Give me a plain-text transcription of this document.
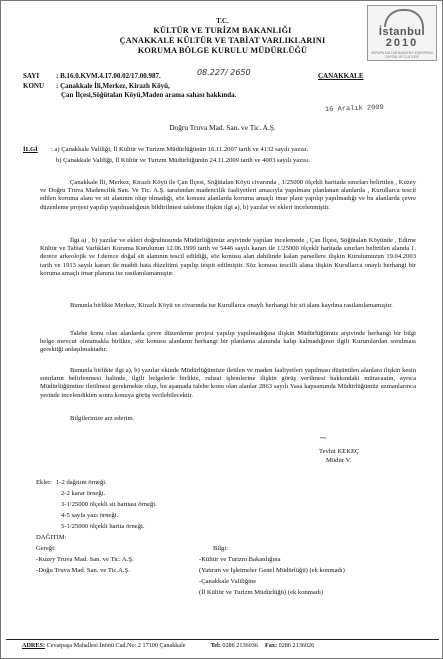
T.C.
KÜLTÜR VE TURİZM BAKANLIĞI
ÇANAKKALE KÜLTÜR VE TABİAT VARLIKLARINI
KORUMA BÖLGE KURULU MÜDÜRLÜĞÜ
İstanbul
2010
AVRUPA KÜLTÜR BAŞKENTİ EUROPEAN CAPITAL OF CULTURE
SAYI : B.16.0.KVM.4.17.00.02/17.00.987.	08.227/ 2650	ÇANAKKALE
KONU : Çanakkale İli,Merkez, Kirazlı Köyü,
Çan İlçesi,Söğütalan Köyü,Maden arama sahası hakkında.
16 Aralık 2009
Doğru Truva Mad. San. ve Tic. A.Ş.
İLGİ : a) Çanakkale Valiliği, İl Kültür ve Turizm Müdürlüğünün 16.11.2007 tarih ve 4132 sayılı yazısı.
b) Çanakkale Valiliği, İl Kültür ve Turizm Müdürlüğünün 24.11.2009 tarih ve 4003 sayılı yazısı.

Çanakkale İli, Merkez, Kirazlı Köyü ile Çan İlçesi, Söğütalan Köyü civarında , 1/25000 ölçekli haritada sınırları belirtilen , Kuzey ve Doğru Truva Madencilik San. Ve Tic. A.Ş. tarafından madencilik faaliyetleri amacıyla yapılması planlanan alanlarda , Kurullarca tescil edilen koruma alanı ve sit alanının olup olmadığı, söz konusu alanlarda koruma amaçlı imar plani yapılıp yapılmadığı ve bu alanlarda çevre düzenleme projesi yapılıp yapılmadığının bildirilmesi talebine ilişkin ilgi a), b) yazılar ve ekleri incelenmiştir.

İlgi a) , b) yazılar ve ekleri doğrultusunda Müdürlüğümüz arşivinde yapılan incelemede , Çan İlçesi, Söğütalan Köyünde , Edirne Kültür ve Tabiat Varlıkları Koruma Kurulunun 12.06.1999 tarih ve 5446 sayılı kararı ile 1/25000 ölçekli haritada sınırları belirtilen alanda 1. derece arkeolojik ve I.derece doğal sit alanının tescil edildiği, söz konusu alan dahilinde kalan parsellere ilişkin Kurulumuzun 19.04.2003 tarih ve 1913 sayılı kararı ile maddi hata düzeltimi yapılıp tespit edilmiştir. Söz konusu tescilli alana ilişkin Kurullarca onaylı herhangi bir koruma amaçlı imar planına ise rastlanılamamıştır.

Bununla birlikte Merkez, Kirazlı Köyü ve civarında ise Kurullarca onaylı herhangi bir sit alanı kaydına rastlanılamamıştır.

Talebe konu olan alanlarda çevre düzenleme projesi yapılıp yapılmadığına ilişkin Müdürlüğümüz arşivinde herhangi bir bilgi belge mevcut olmamakla birlikte, söz konusu alanların herhangi bir planlama alanında kalıp kalmadığının ilgili Kurumlardan sorulması gerektiği anlaşılmaktadır.

Bununla birlikte ilgi a), b) yazılar ekinde Müdürlüğümüze iletilen ve maden faaliyetleri yapılması düşünülen alanlara ilişkin kesin sınırların belirlenmesi halinde, ilgili belgelerle birlikte, ruhsat işlemlerine ilişkin görüş verilmesi hakkındaki müracaatın, ayrıca Müdürlüğümüze iletilmesi gerekmekte olup, bu aşamada talebe konu olan alanlar 2863 sayılı Yasa kapsamında Müdürlüğümüz uzmanlarınca yerinde incelendikten sonra konuya görüş verilebilecektir.

Bilgilerinize arz ederim.

~
Tevhit KEKEÇ
Müdür V.
Ekler: 1-2 dağıtım örneği.
2-2 karar örneği.
3-1/25000 ölçekli sit haritası örneği.
4-5 sayfa yazı örneği.
5-1/25000 ölçekli harita örneği.
DAĞITIM:
Gereği:
-Kuzey Truva Mad. San. ve Tic. A.Ş.
-Doğu Truva Mad. San. ve Tic.A.Ş.
Bilgi:
-Kültür ve Turizm Bakanlığına
(Yatırım ve İşletmeler Genel Müdürlüğü) (ek konmadı)
-Çanakkale Valiliğine
(İl Kültür ve Turizm Müdürlüğü) (ek konmadı)
ADRES: Cevatpaşa Mahallesi İnönü Cad.No: 2 17100 Çanakkale	Tel: 0286 2136036 Fax: 0286 2136026
